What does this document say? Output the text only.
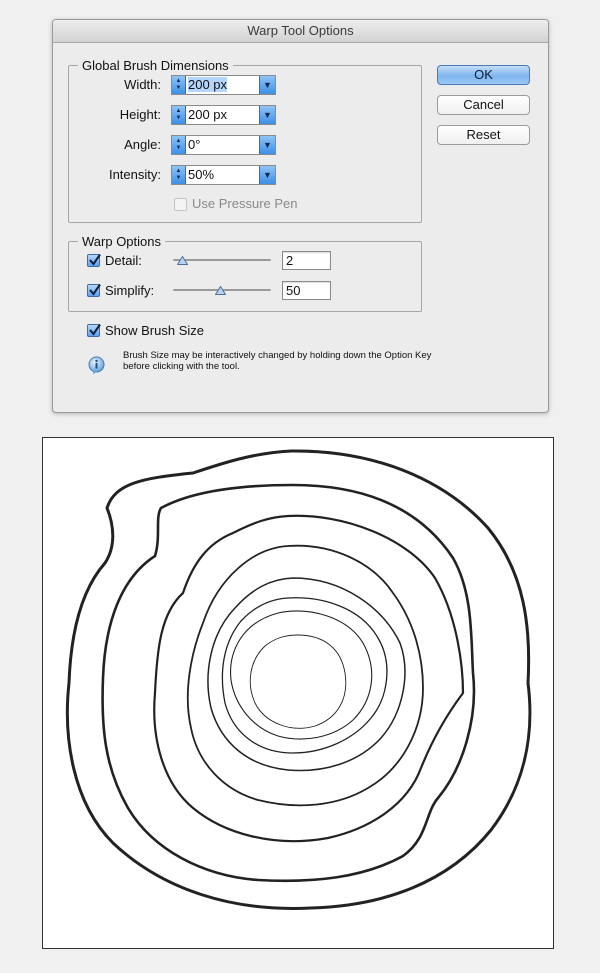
Warp Tool Options
Global Brush Dimensions
Width:	▲
▼ 200 px	▼
Height:	▲
▼ 200 px	▼
Angle:	▲
▼ 0°	▼
Intensity:	▲
▼ 50%	▼
Use Pressure Pen
Warp Options
Detail:	2
Simplify:	50
Show Brush Size
Brush Size may be interactively changed by holding down the Option Key before clicking with the tool.
OK
Cancel
Reset
